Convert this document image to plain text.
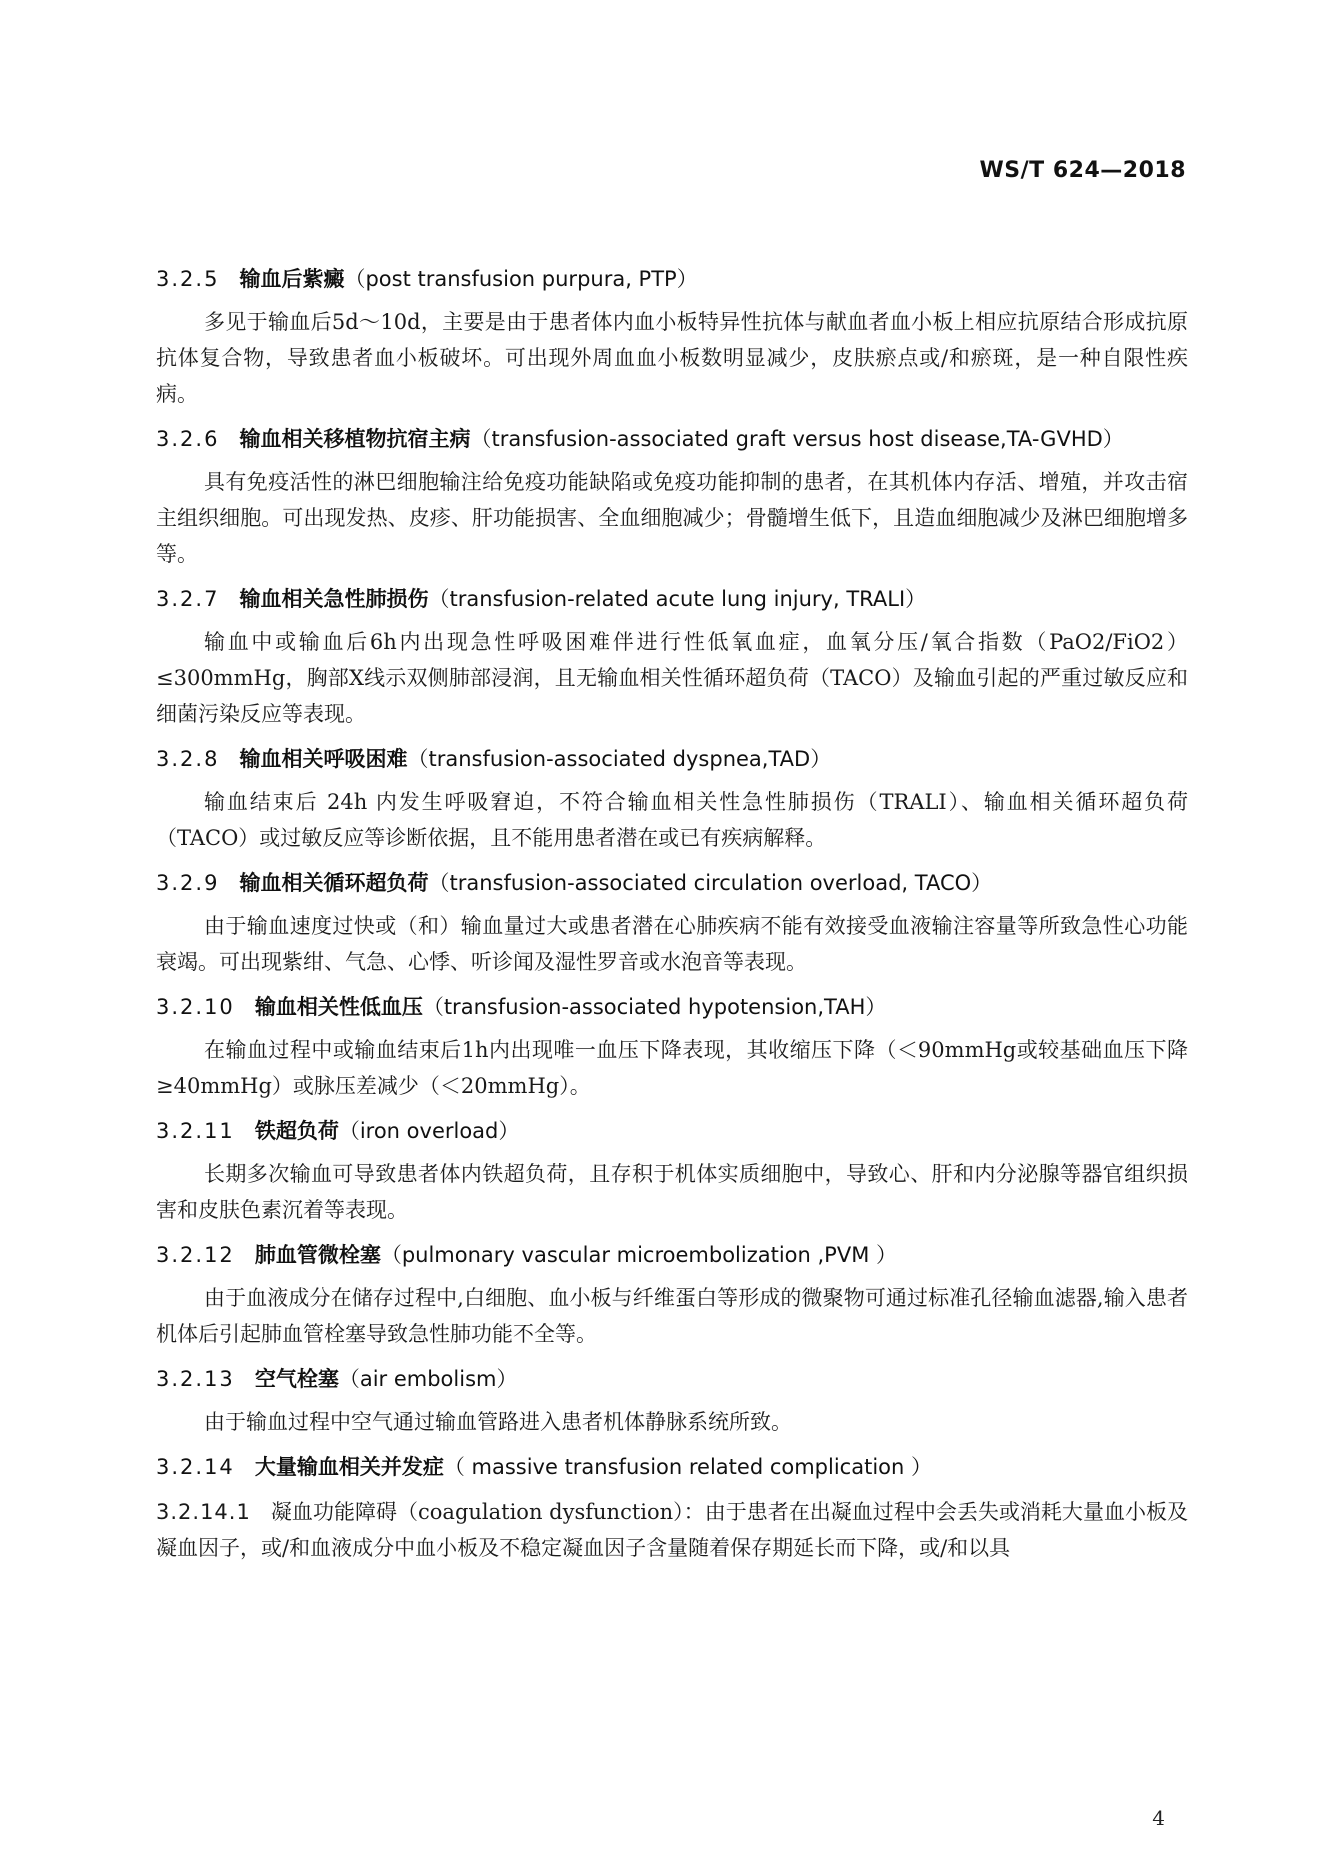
WS/T 624—2018
3.2.5 输血后紫癜（post transfusion purpura, PTP）

多见于输血后5d～10d，主要是由于患者体内血小板特异性抗体与献血者血小板上相应抗原结合形成抗原抗体复合物，导致患者血小板破坏。可出现外周血血小板数明显减少，皮肤瘀点或/和瘀斑，是一种自限性疾病。

3.2.6 输血相关移植物抗宿主病（transfusion-associated graft versus host disease,TA-GVHD）

具有免疫活性的淋巴细胞输注给免疫功能缺陷或免疫功能抑制的患者，在其机体内存活、增殖，并攻击宿主组织细胞。可出现发热、皮疹、肝功能损害、全血细胞减少；骨髓增生低下，且造血细胞减少及淋巴细胞增多等。

3.2.7 输血相关急性肺损伤（transfusion-related acute lung injury, TRALI）

输血中或输血后6h内出现急性呼吸困难伴进行性低氧血症，血氧分压/氧合指数（PaO2/FiO2）≤300mmHg，胸部X线示双侧肺部浸润，且无输血相关性循环超负荷（TACO）及输血引起的严重过敏反应和细菌污染反应等表现。

3.2.8 输血相关呼吸困难（transfusion-associated dyspnea,TAD）

输血结束后 24h 内发生呼吸窘迫，不符合输血相关性急性肺损伤（TRALI）、输血相关循环超负荷（TACO）或过敏反应等诊断依据，且不能用患者潜在或已有疾病解释。

3.2.9 输血相关循环超负荷（transfusion-associated circulation overload, TACO）

由于输血速度过快或（和）输血量过大或患者潜在心肺疾病不能有效接受血液输注容量等所致急性心功能衰竭。可出现紫绀、气急、心悸、听诊闻及湿性罗音或水泡音等表现。

3.2.10 输血相关性低血压（transfusion-associated hypotension,TAH）

在输血过程中或输血结束后1h内出现唯一血压下降表现，其收缩压下降（＜90mmHg或较基础血压下降≥40mmHg）或脉压差减少（＜20mmHg）。

3.2.11 铁超负荷（iron overload）

长期多次输血可导致患者体内铁超负荷，且存积于机体实质细胞中，导致心、肝和内分泌腺等器官组织损害和皮肤色素沉着等表现。

3.2.12 肺血管微栓塞（pulmonary vascular microembolization ,PVM ）

由于血液成分在储存过程中,白细胞、血小板与纤维蛋白等形成的微聚物可通过标准孔径输血滤器,输入患者机体后引起肺血管栓塞导致急性肺功能不全等。

3.2.13 空气栓塞（air embolism）

由于输血过程中空气通过输血管路进入患者机体静脉系统所致。

3.2.14 大量输血相关并发症（ massive transfusion related complication ）

3.2.14.1 凝血功能障碍（coagulation dysfunction）：由于患者在出凝血过程中会丢失或消耗大量血小板及凝血因子，或/和血液成分中血小板及不稳定凝血因子含量随着保存期延长而下降，或/和以具

4
